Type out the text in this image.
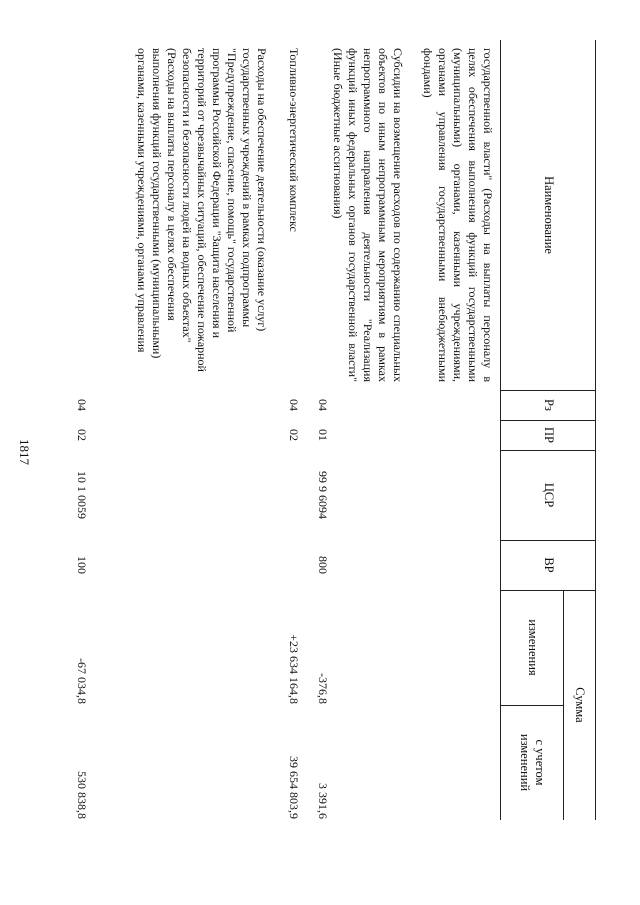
1817
Наименование
Рз
ПР
ЦСР
ВР
Сумма
изменения
с учетом изменений
государственной власти" (Расходы на выплаты персоналу в целях обеспечения выполнения функций государственными (муниципальными) органами, казенными учреждениями, органами управления государственными внебюджетными фондами)
Субсидии на возмещение расходов по содержанию специальных объектов по иным непрограммным мероприятиям в рамках непрограммного направления деятельности "Реализация функций иных федеральных органов государственной власти" (Иные бюджетные ассигнования)
04
01
99 9 6094
800
-376,8
3 391,6
Топливно-энергетический комплекс
04
02
+23 634 164,8
39 654 803,9
Расходы на обеспечение деятельности (оказание услуг) государственных учреждений в рамках подпрограммы "Предупреждение, спасение, помощь" государственной программы Российской Федерации "Защита населения и территорий от чрезвычайных ситуаций, обеспечение пожарной безопасности и безопасности людей на водных объектах" (Расходы на выплаты персоналу в целях обеспечения выполнения функций государственными (муниципальными) органами, казенными учреждениями, органами управления
04
02
10 1 0059
100
-67 034,8
530 838,8
